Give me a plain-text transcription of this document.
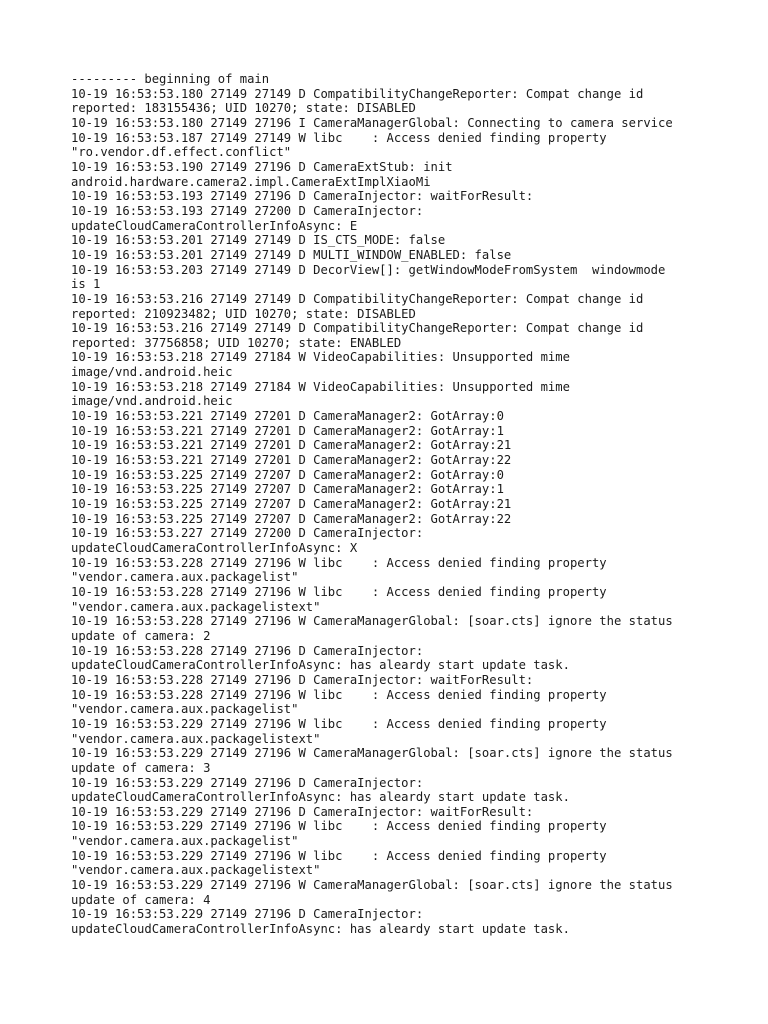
--------- beginning of main
10-19 16:53:53.180 27149 27149 D CompatibilityChangeReporter: Compat change id
reported: 183155436; UID 10270; state: DISABLED
10-19 16:53:53.180 27149 27196 I CameraManagerGlobal: Connecting to camera service
10-19 16:53:53.187 27149 27149 W libc    : Access denied finding property
"ro.vendor.df.effect.conflict"
10-19 16:53:53.190 27149 27196 D CameraExtStub: init
android.hardware.camera2.impl.CameraExtImplXiaoMi
10-19 16:53:53.193 27149 27196 D CameraInjector: waitForResult:
10-19 16:53:53.193 27149 27200 D CameraInjector:
updateCloudCameraControllerInfoAsync: E
10-19 16:53:53.201 27149 27149 D IS_CTS_MODE: false
10-19 16:53:53.201 27149 27149 D MULTI_WINDOW_ENABLED: false
10-19 16:53:53.203 27149 27149 D DecorView[]: getWindowModeFromSystem  windowmode
is 1
10-19 16:53:53.216 27149 27149 D CompatibilityChangeReporter: Compat change id
reported: 210923482; UID 10270; state: DISABLED
10-19 16:53:53.216 27149 27149 D CompatibilityChangeReporter: Compat change id
reported: 37756858; UID 10270; state: ENABLED
10-19 16:53:53.218 27149 27184 W VideoCapabilities: Unsupported mime
image/vnd.android.heic
10-19 16:53:53.218 27149 27184 W VideoCapabilities: Unsupported mime
image/vnd.android.heic
10-19 16:53:53.221 27149 27201 D CameraManager2: GotArray:0
10-19 16:53:53.221 27149 27201 D CameraManager2: GotArray:1
10-19 16:53:53.221 27149 27201 D CameraManager2: GotArray:21
10-19 16:53:53.221 27149 27201 D CameraManager2: GotArray:22
10-19 16:53:53.225 27149 27207 D CameraManager2: GotArray:0
10-19 16:53:53.225 27149 27207 D CameraManager2: GotArray:1
10-19 16:53:53.225 27149 27207 D CameraManager2: GotArray:21
10-19 16:53:53.225 27149 27207 D CameraManager2: GotArray:22
10-19 16:53:53.227 27149 27200 D CameraInjector:
updateCloudCameraControllerInfoAsync: X
10-19 16:53:53.228 27149 27196 W libc    : Access denied finding property
"vendor.camera.aux.packagelist"
10-19 16:53:53.228 27149 27196 W libc    : Access denied finding property
"vendor.camera.aux.packagelistext"
10-19 16:53:53.228 27149 27196 W CameraManagerGlobal: [soar.cts] ignore the status
update of camera: 2
10-19 16:53:53.228 27149 27196 D CameraInjector:
updateCloudCameraControllerInfoAsync: has aleardy start update task.
10-19 16:53:53.228 27149 27196 D CameraInjector: waitForResult:
10-19 16:53:53.228 27149 27196 W libc    : Access denied finding property
"vendor.camera.aux.packagelist"
10-19 16:53:53.229 27149 27196 W libc    : Access denied finding property
"vendor.camera.aux.packagelistext"
10-19 16:53:53.229 27149 27196 W CameraManagerGlobal: [soar.cts] ignore the status
update of camera: 3
10-19 16:53:53.229 27149 27196 D CameraInjector:
updateCloudCameraControllerInfoAsync: has aleardy start update task.
10-19 16:53:53.229 27149 27196 D CameraInjector: waitForResult:
10-19 16:53:53.229 27149 27196 W libc    : Access denied finding property
"vendor.camera.aux.packagelist"
10-19 16:53:53.229 27149 27196 W libc    : Access denied finding property
"vendor.camera.aux.packagelistext"
10-19 16:53:53.229 27149 27196 W CameraManagerGlobal: [soar.cts] ignore the status
update of camera: 4
10-19 16:53:53.229 27149 27196 D CameraInjector:
updateCloudCameraControllerInfoAsync: has aleardy start update task.
